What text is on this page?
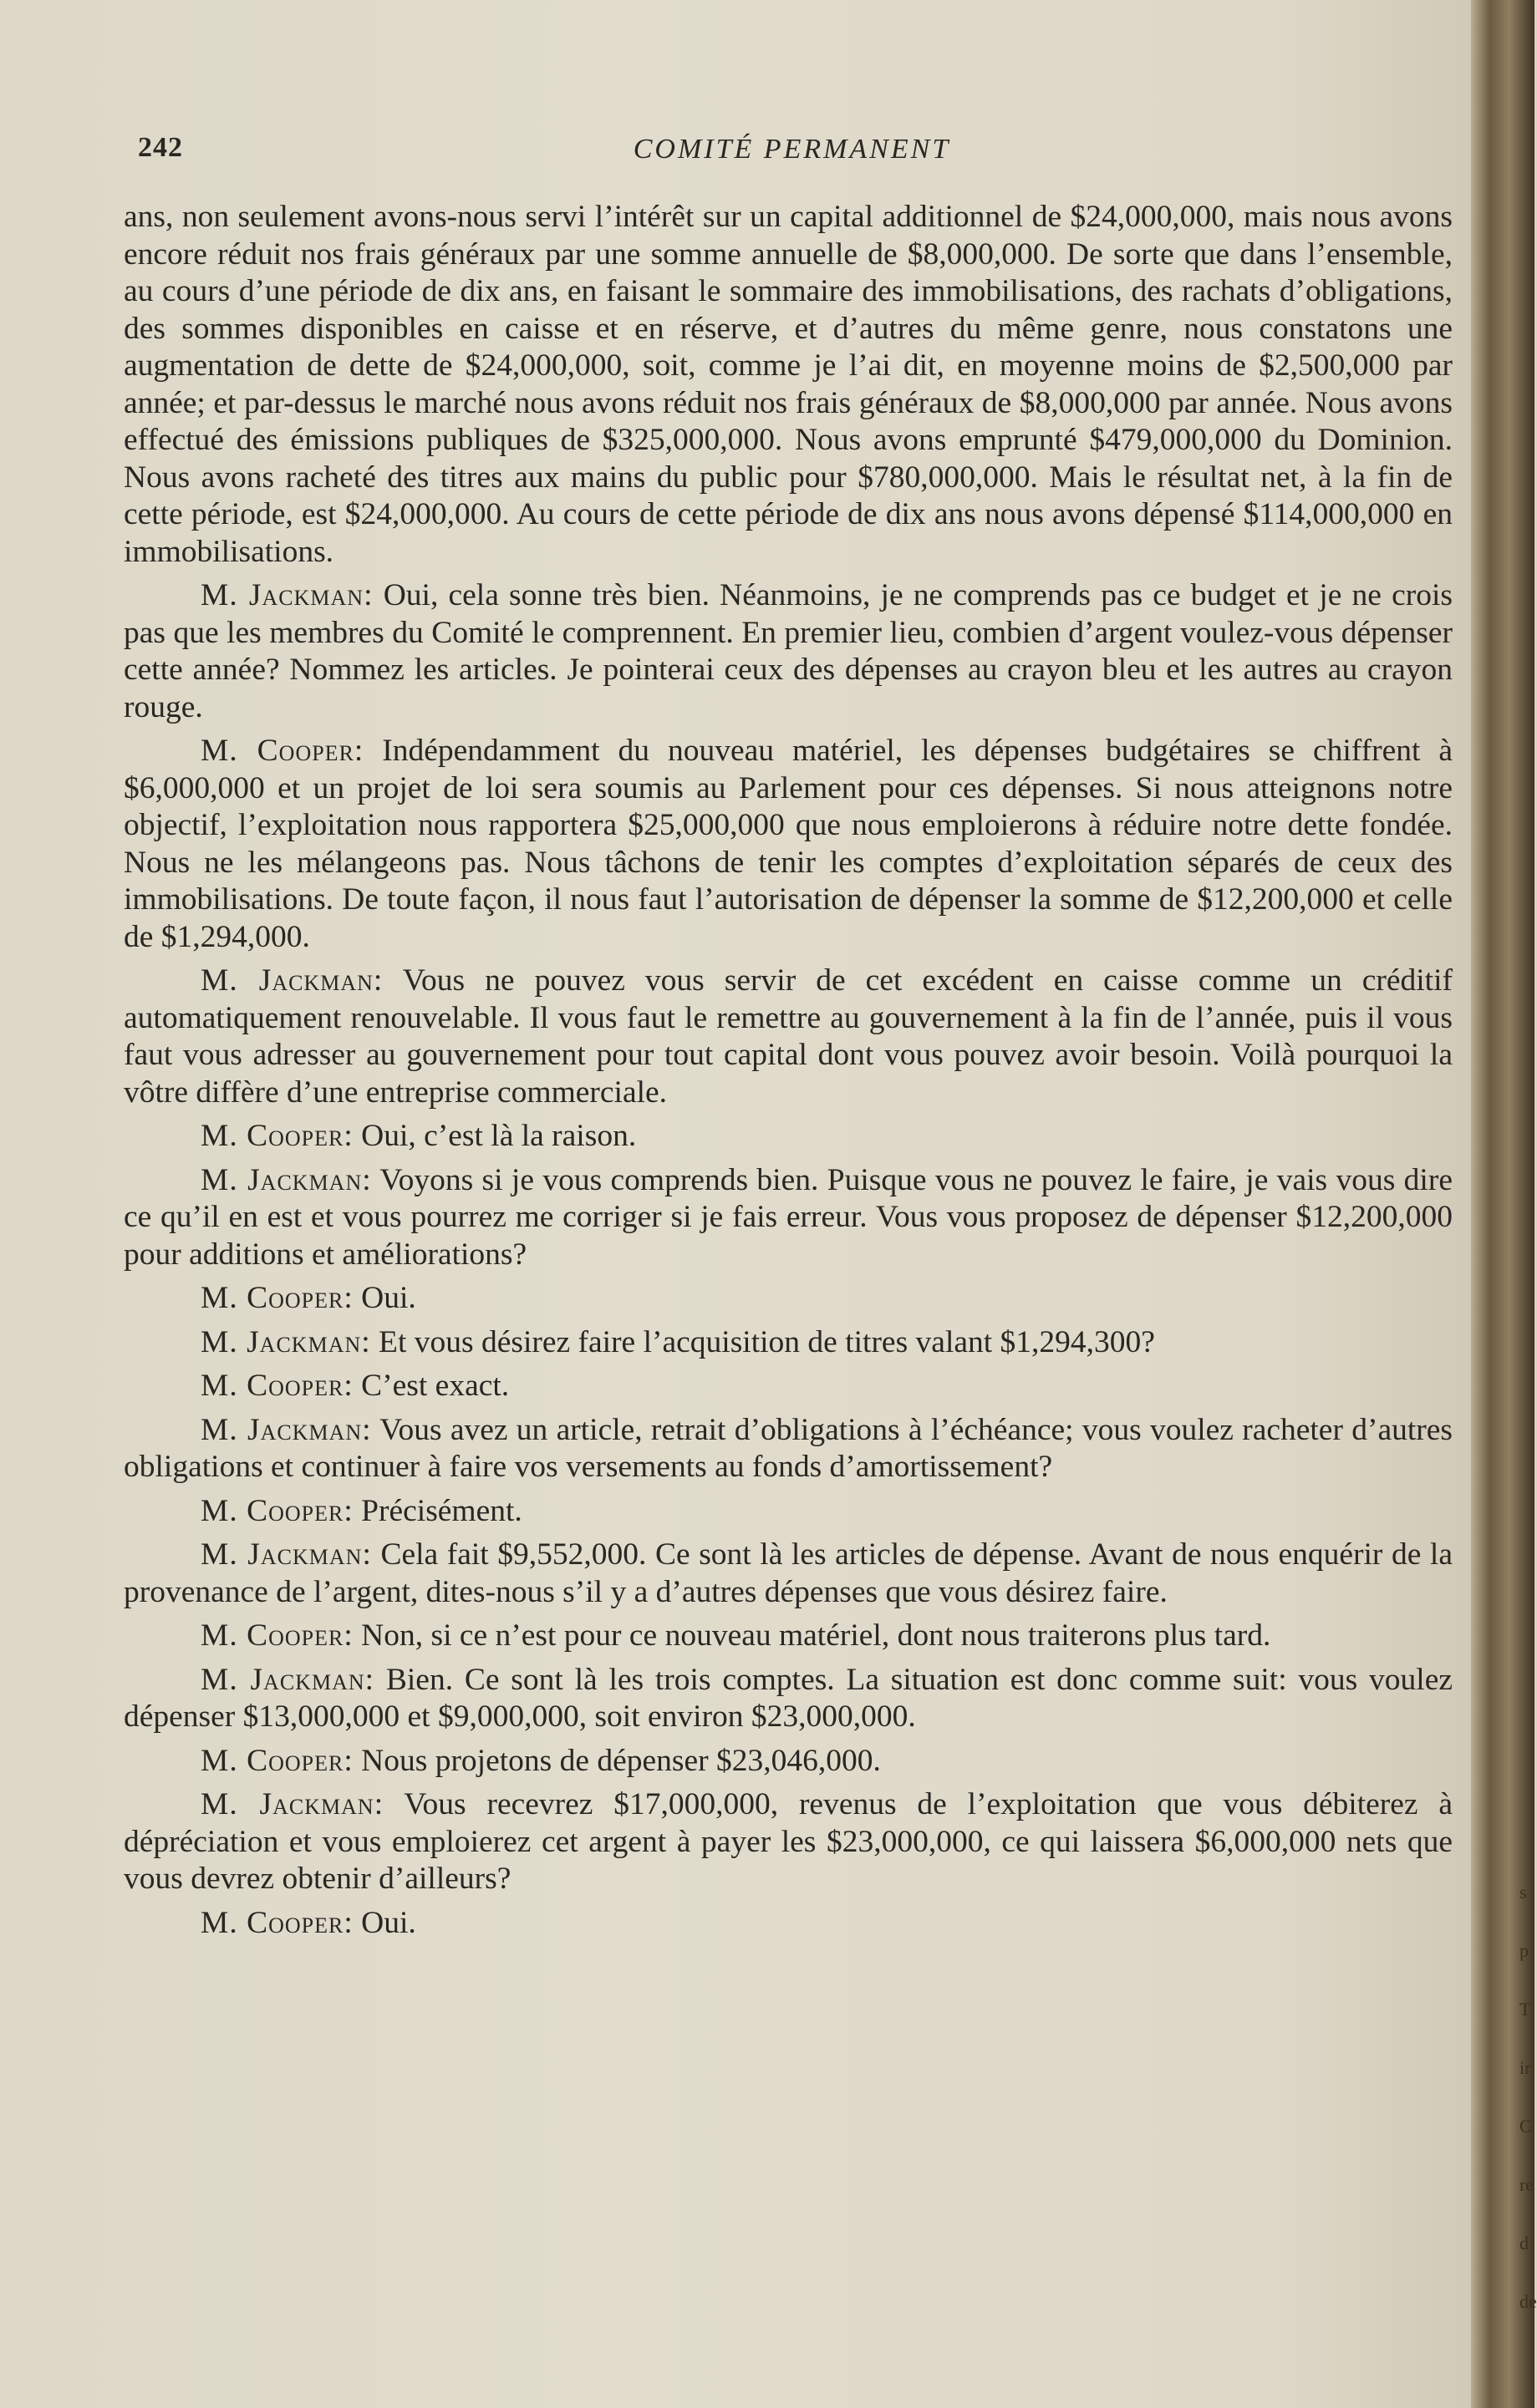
242	COMITÉ PERMANENT

ans, non seulement avons-nous servi l’intérêt sur un capital additionnel de $24,000,000, mais nous avons encore réduit nos frais généraux par une somme annuelle de $8,000,000. De sorte que dans l’ensemble, au cours d’une période de dix ans, en faisant le sommaire des immobilisations, des rachats d’obligations, des sommes disponibles en caisse et en réserve, et d’autres du même genre, nous constatons une augmentation de dette de $24,000,000, soit, comme je l’ai dit, en moyenne moins de $2,500,000 par année; et par-dessus le marché nous avons réduit nos frais généraux de $8,000,000 par année. Nous avons effectué des émissions publiques de $325,000,000. Nous avons emprunté $479,000,000 du Dominion. Nous avons racheté des titres aux mains du public pour $780,000,000. Mais le résultat net, à la fin de cette période, est $24,000,000. Au cours de cette période de dix ans nous avons dépensé $114,000,000 en immobilisations.

M. Jackman: Oui, cela sonne très bien. Néanmoins, je ne comprends pas ce budget et je ne crois pas que les membres du Comité le comprennent. En premier lieu, combien d’argent voulez-vous dépenser cette année? Nommez les articles. Je pointerai ceux des dépenses au crayon bleu et les autres au crayon rouge.

M. Cooper: Indépendamment du nouveau matériel, les dépenses budgétaires se chiffrent à $6,000,000 et un projet de loi sera soumis au Parlement pour ces dépenses. Si nous atteignons notre objectif, l’exploitation nous rapportera $25,000,000 que nous emploierons à réduire notre dette fondée. Nous ne les mélangeons pas. Nous tâchons de tenir les comptes d’exploitation séparés de ceux des immobilisations. De toute façon, il nous faut l’autorisation de dépenser la somme de $12,200,000 et celle de $1,294,000.

M. Jackman: Vous ne pouvez vous servir de cet excédent en caisse comme un créditif automatiquement renouvelable. Il vous faut le remettre au gouvernement à la fin de l’année, puis il vous faut vous adresser au gouvernement pour tout capital dont vous pouvez avoir besoin. Voilà pourquoi la vôtre diffère d’une entreprise commerciale.

M. Cooper: Oui, c’est là la raison.

M. Jackman: Voyons si je vous comprends bien. Puisque vous ne pouvez le faire, je vais vous dire ce qu’il en est et vous pourrez me corriger si je fais erreur. Vous vous proposez de dépenser $12,200,000 pour additions et améliorations?

M. Cooper: Oui.

M. Jackman: Et vous désirez faire l’acquisition de titres valant $1,294,300?

M. Cooper: C’est exact.

M. Jackman: Vous avez un article, retrait d’obligations à l’échéance; vous voulez racheter d’autres obligations et continuer à faire vos versements au fonds d’amortissement?

M. Cooper: Précisément.

M. Jackman: Cela fait $9,552,000. Ce sont là les articles de dépense. Avant de nous enquérir de la provenance de l’argent, dites-nous s’il y a d’autres dépenses que vous désirez faire.

M. Cooper: Non, si ce n’est pour ce nouveau matériel, dont nous traiterons plus tard.

M. Jackman: Bien. Ce sont là les trois comptes. La situation est donc comme suit: vous voulez dépenser $13,000,000 et $9,000,000, soit environ $23,000,000.

M. Cooper: Nous projetons de dépenser $23,046,000.

M. Jackman: Vous recevrez $17,000,000, revenus de l’exploitation que vous débiterez à dépréciation et vous emploierez cet argent à payer les $23,000,000, ce qui laissera $6,000,000 nets que vous devrez obtenir d’ailleurs?

M. Cooper: Oui.

s
p
T
ir
C
re
d
de
